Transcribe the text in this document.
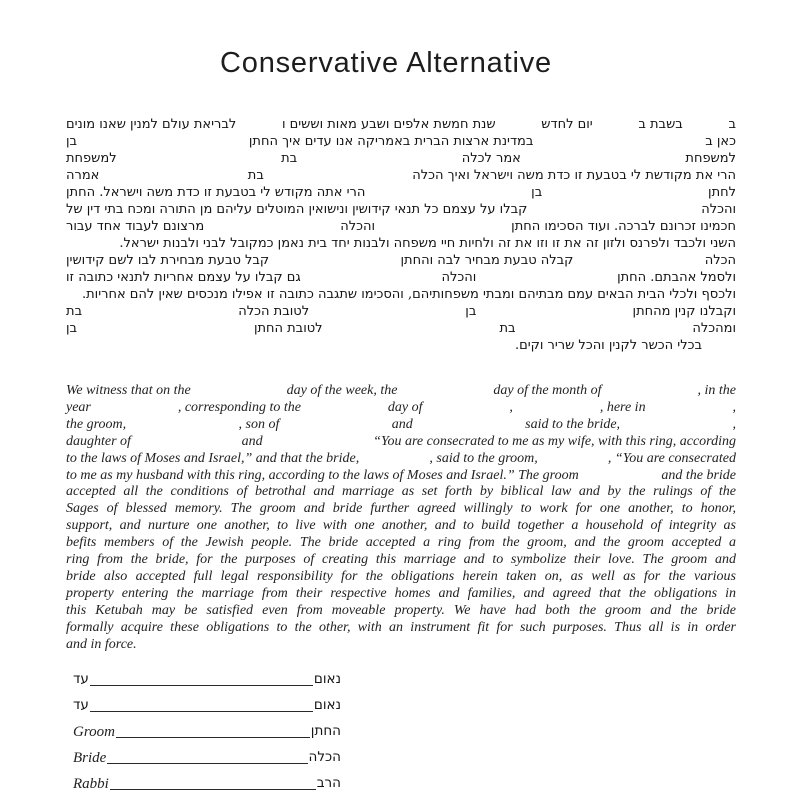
Conservative Alternative
ב
בשבת ב
יום לחדש
שנת חמשת אלפים ושבע מאות וששים ו
לבריאת עולם למנין שאנו מונים
כאן ב
במדינת ארצות הברית באמריקה אנו עדים איך החתן
בן
למשפחת
אמר לכלה
בת
למשפחת
הרי את מקודשת לי בטבעת זו כדת משה וישראל ואיך הכלה
בת
אמרה
לחתן
בן
הרי אתה מקודש לי בטבעת זו כדת משה וישראל. החתן
והכלה
קבלו על עצמם כל תנאי קידושין ונישואין המוטלים עליהם מן התורה ומכח בתי דין של
חכמינו זכרונם לברכה. ועוד הסכימו החתן
והכלה
מרצונם לעבוד אחד עבור
השני ולכבד ולפרנס ולזון זה את זו וזו את זה ולחיות חיי משפחה ולבנות יחד בית נאמן כמקובל לבני ולבנות ישראל.
הכלה
קבלה טבעת מבחיר לבה והחתן
קבל טבעת מבחירת לבו לשם קידושין
ולסמל אהבתם. החתן
והכלה
גם קבלו על עצמם אחריות לתנאי כתובה זו
ולכסף ולכלי הבית הבאים עמם מבתיהם ומבתי משפחותיהם, והסכימו שתגבה כתובה זו אפילו מנכסים שאין להם אחריות.
וקבלנו קנין מהחתן
בן
לטובת הכלה
בת
ומהכלה
בת
לטובת החתן
בן
בכלי הכשר לקנין והכל שריר וקים.
We witness that on the	day of the week, the	day of the month of	, in the
year	, corresponding to the	day of	,	, here in	,
the groom,	, son of	and	said to the bride,	,
daughter of	and	“You are consecrated to me as my wife, with this ring, according
to the laws of Moses and Israel,” and that the bride,	, said to the groom,	, “You are consecrated
to me as my husband with this ring, according to the laws of Moses and Israel.” The groom	and the bride
accepted all the conditions of betrothal and marriage as set forth by biblical law and by the rulings of the
Sages of blessed memory. The groom and bride further agreed willingly to work for one another, to honor,
support, and nurture one another, to live with one another, and to build together a household of integrity as
befits members of the Jewish people. The bride accepted a ring from the groom, and the groom accepted a
ring from the bride, for the purposes of creating this marriage and to symbolize their love. The groom and
bride also accepted full legal responsibility for the obligations herein taken on, as well as for the various
property entering the marriage from their respective homes and families, and agreed that the obligations in
this Ketubah may be satisfied even from moveable property. We have had both the groom and the bride
formally acquire these obligations to the other, with an instrument fit for such purposes. Thus all is in order
and in force.
עד	נאום
עד	נאום
Groom	החתן
Bride	הכלה
Rabbi	הרב
